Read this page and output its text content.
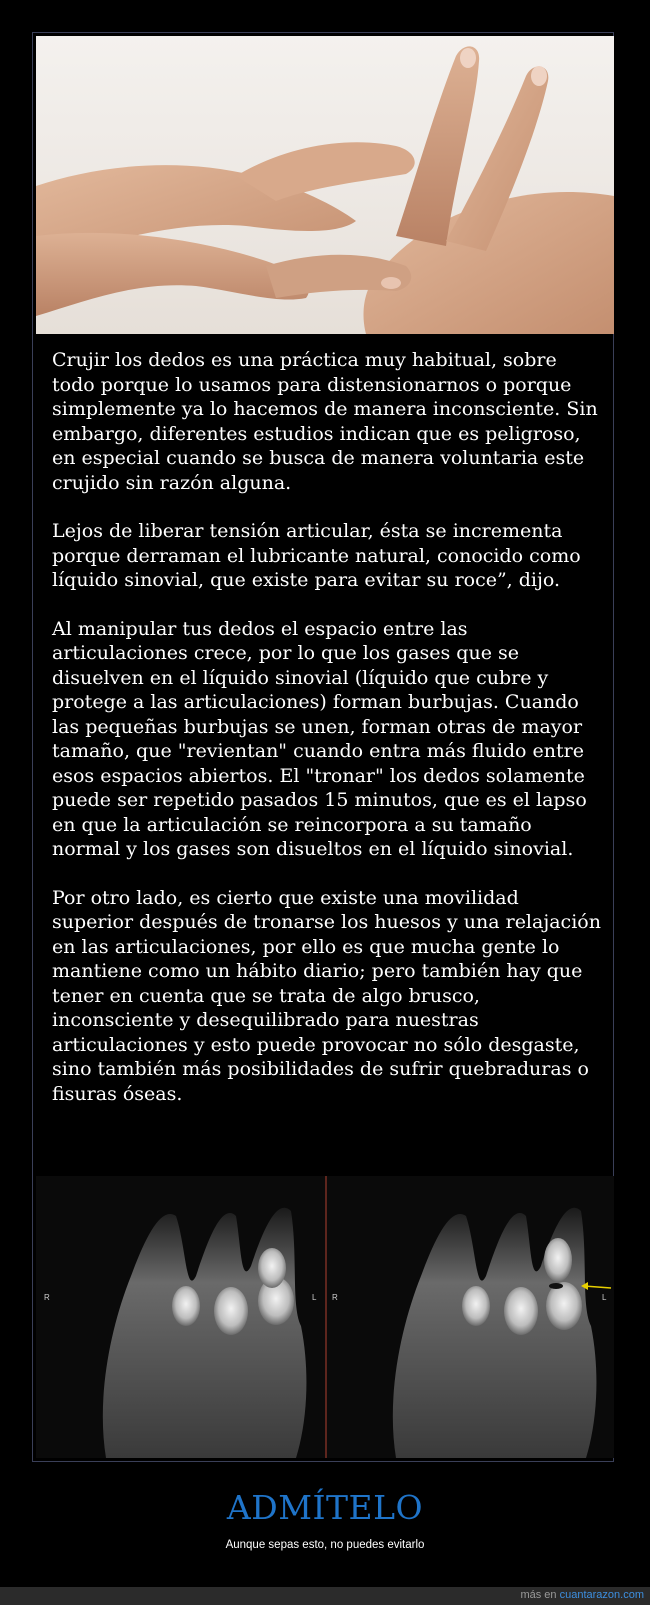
Crujir los dedos es una práctica muy habitual, sobre todo porque lo usamos para distensionarnos o porque simplemente ya lo hacemos de manera inconsciente. Sin embargo, diferentes estudios indican que es peligroso, en especial cuando se busca de manera voluntaria este crujido sin razón alguna.

Lejos de liberar tensión articular, ésta se incrementa porque derraman el lubricante natural, conocido como líquido sinovial, que existe para evitar su roce”, dijo.

Al manipular tus dedos el espacio entre las articulaciones crece, por lo que los gases que se disuelven en el líquido sinovial (líquido que cubre y protege a las articulaciones) forman burbujas. Cuando las pequeñas burbujas se unen, forman otras de mayor tamaño, que "revientan" cuando entra más fluido entre esos espacios abiertos. El "tronar" los dedos solamente puede ser repetido pasados 15 minutos, que es el lapso en que la articulación se reincorpora a su tamaño normal y los gases son disueltos en el líquido sinovial.

Por otro lado, es cierto que existe una movilidad superior después de tronarse los huesos y una relajación en las articulaciones, por ello es que mucha gente lo mantiene como un hábito diario; pero también hay que tener en cuenta que se trata de algo brusco, inconsciente y desequilibrado para nuestras articulaciones y esto puede provocar no sólo desgaste, sino también más posibilidades de sufrir quebraduras o fisuras óseas.

R	L R	L
ADMÍTELO
Aunque sepas esto, no puedes evitarlo
más en cuantarazon.com
